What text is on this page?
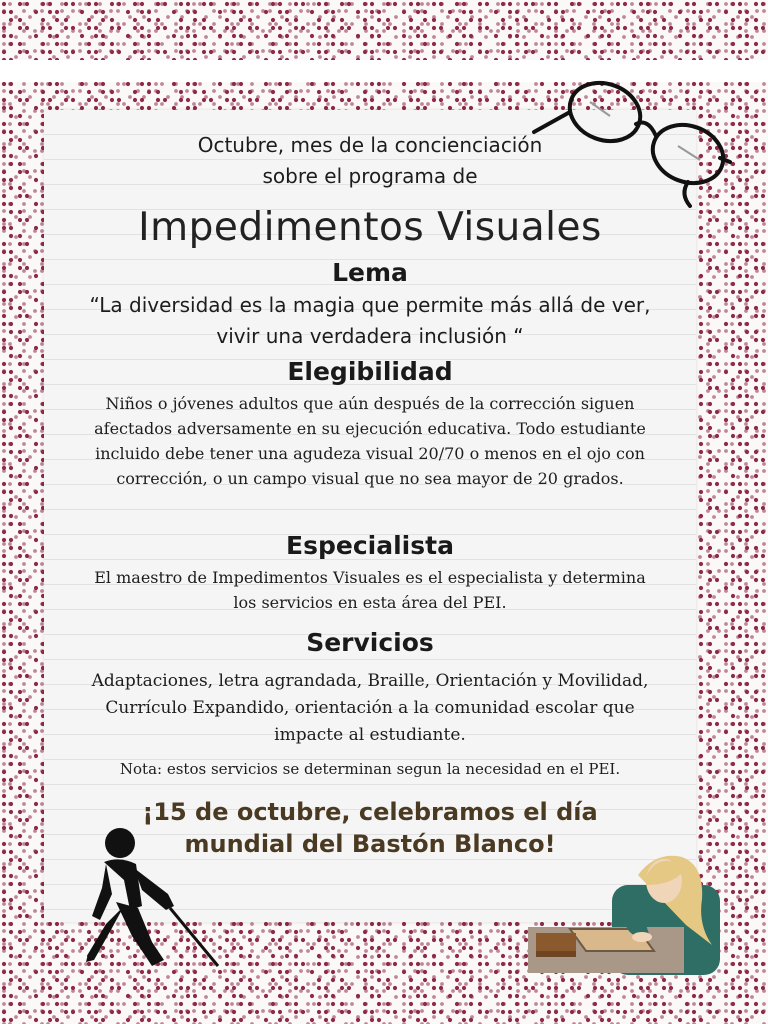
Octubre, mes de la concienciación sobre el programa de

Impedimentos Visuales
Lema

“La diversidad es la magia que permite más allá de ver, vivir una verdadera inclusión “

Elegibilidad

Niños o jóvenes adultos que aún después de la corrección siguen afectados adversamente en su ejecución educativa. Todo estudiante incluido debe tener una agudeza visual 20/70 o menos en el ojo con corrección, o un campo visual que no sea mayor de 20 grados.

Especialista

El maestro de Impedimentos Visuales es el especialista y determina los servicios en esta área del PEI.

Servicios

Adaptaciones, letra agrandada, Braille, Orientación y Movilidad, Currículo Expandido, orientación a la comunidad escolar que impacte al estudiante.

Nota: estos servicios se determinan segun la necesidad en el PEI.

¡15 de octubre, celebramos el día mundial del Bastón Blanco!
